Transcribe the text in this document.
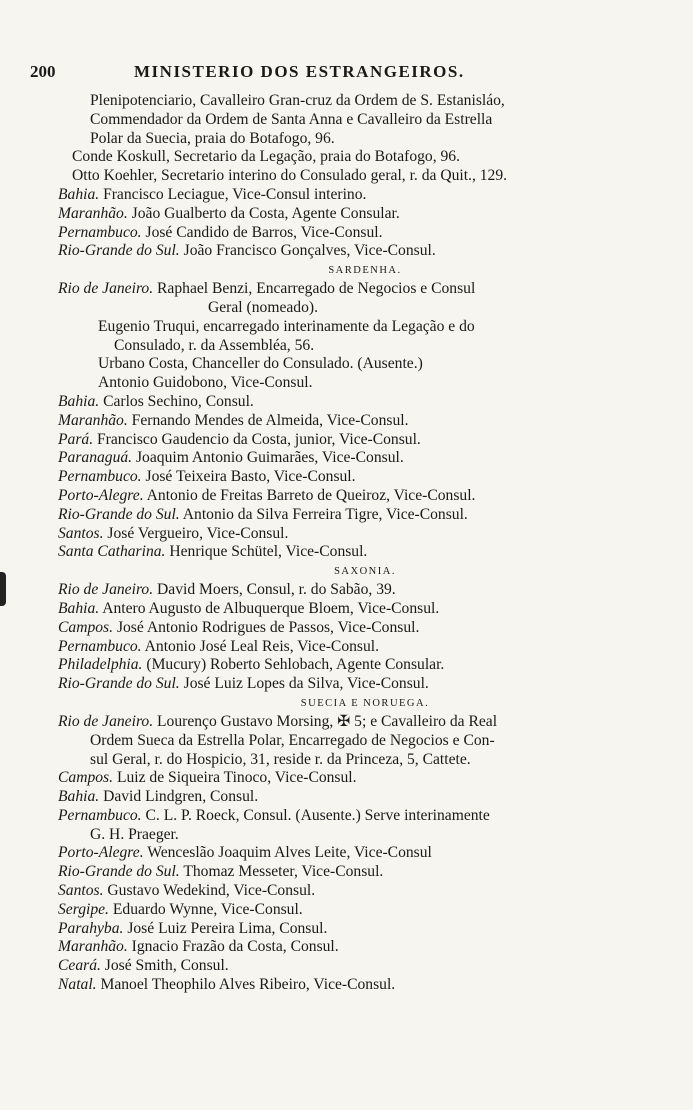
200	MINISTERIO DOS ESTRANGEIROS.
Plenipotenciario, Cavalleiro Gran-cruz da Ordem de S. Estanisláo,
Commendador da Ordem de Santa Anna e Cavalleiro da Estrella
Polar da Suecia, praia do Botafogo, 96.
Conde Koskull, Secretario da Legação, praia do Botafogo, 96.
Otto Koehler, Secretario interino do Consulado geral, r. da Quit., 129.
Bahia. Francisco Leciague, Vice-Consul interino.
Maranhão. João Gualberto da Costa, Agente Consular.
Pernambuco. José Candido de Barros, Vice-Consul.
Rio-Grande do Sul. João Francisco Gonçalves, Vice-Consul.
SARDENHA.
Rio de Janeiro. Raphael Benzi, Encarregado de Negocios e Consul
Geral (nomeado).
Eugenio Truqui, encarregado interinamente da Legação e do
Consulado, r. da Assembléa, 56.
Urbano Costa, Chanceller do Consulado. (Ausente.)
Antonio Guidobono, Vice-Consul.
Bahia. Carlos Sechino, Consul.
Maranhão. Fernando Mendes de Almeida, Vice-Consul.
Pará. Francisco Gaudencio da Costa, junior, Vice-Consul.
Paranaguá. Joaquim Antonio Guimarães, Vice-Consul.
Pernambuco. José Teixeira Basto, Vice-Consul.
Porto-Alegre. Antonio de Freitas Barreto de Queiroz, Vice-Consul.
Rio-Grande do Sul. Antonio da Silva Ferreira Tigre, Vice-Consul.
Santos. José Vergueiro, Vice-Consul.
Santa Catharina. Henrique Schütel, Vice-Consul.
SAXONIA.
Rio de Janeiro. David Moers, Consul, r. do Sabão, 39.
Bahia. Antero Augusto de Albuquerque Bloem, Vice-Consul.
Campos. José Antonio Rodrigues de Passos, Vice-Consul.
Pernambuco. Antonio José Leal Reis, Vice-Consul.
Philadelphia. (Mucury) Roberto Sehlobach, Agente Consular.
Rio-Grande do Sul. José Luiz Lopes da Silva, Vice-Consul.
SUECIA E NORUEGA.
Rio de Janeiro. Lourenço Gustavo Morsing, ✠ 5; e Cavalleiro da Real
Ordem Sueca da Estrella Polar, Encarregado de Negocios e Con-
sul Geral, r. do Hospicio, 31, reside r. da Princeza, 5, Cattete.
Campos. Luiz de Siqueira Tinoco, Vice-Consul.
Bahia. David Lindgren, Consul.
Pernambuco. C. L. P. Roeck, Consul. (Ausente.) Serve interinamente
G. H. Praeger.
Porto-Alegre. Wenceslão Joaquim Alves Leite, Vice-Consul
Rio-Grande do Sul. Thomaz Messeter, Vice-Consul.
Santos. Gustavo Wedekind, Vice-Consul.
Sergipe. Eduardo Wynne, Vice-Consul.
Parahyba. José Luiz Pereira Lima, Consul.
Maranhão. Ignacio Frazão da Costa, Consul.
Ceará. José Smith, Consul.
Natal. Manoel Theophilo Alves Ribeiro, Vice-Consul.
